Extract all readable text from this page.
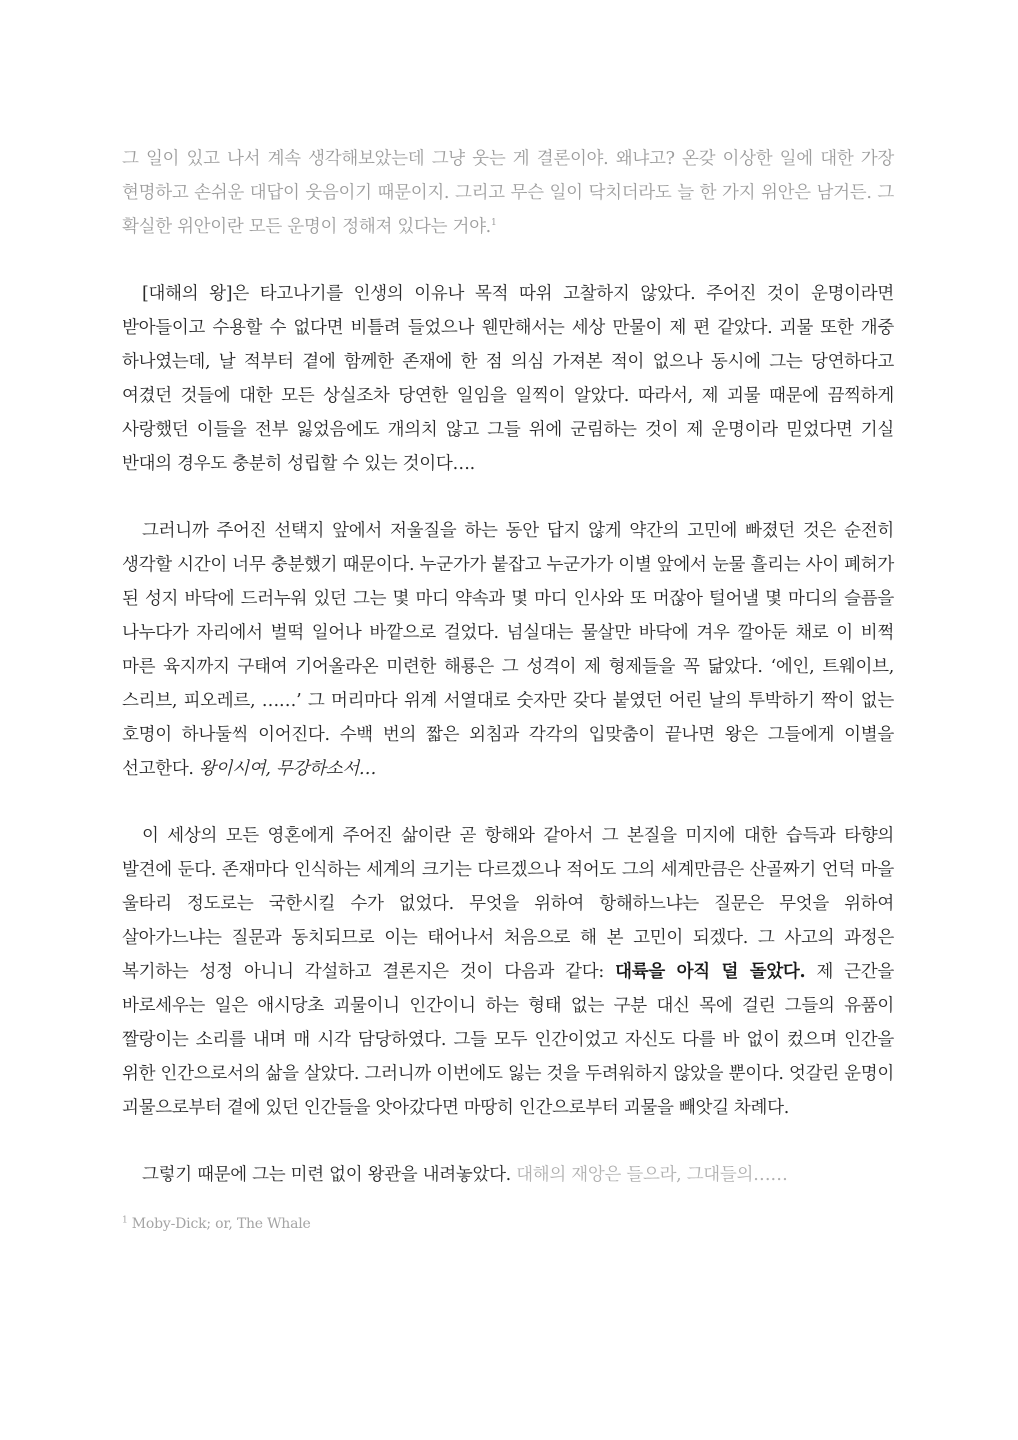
그 일이 있고 나서 계속 생각해보았는데 그냥 웃는 게 결론이야. 왜냐고? 온갖 이상한 일에 대한 가장 현명하고 손쉬운 대답이 웃음이기 때문이지. 그리고 무슨 일이 닥치더라도 늘 한 가지 위안은 남거든. 그 확실한 위안이란 모든 운명이 정해져 있다는 거야.$^1$

[대해의 왕]은 타고나기를 인생의 이유나 목적 따위 고찰하지 않았다. 주어진 것이 운명이라면 받아들이고 수용할 수 없다면 비틀려 들었으나 웬만해서는 세상 만물이 제 편 같았다. 괴물 또한 개중 하나였는데, 날 적부터 곁에 함께한 존재에 한 점 의심 가져본 적이 없으나 동시에 그는 당연하다고 여겼던 것들에 대한 모든 상실조차 당연한 일임을 일찍이 알았다. 따라서, 제 괴물 때문에 끔찍하게 사랑했던 이들을 전부 잃었음에도 개의치 않고 그들 위에 군림하는 것이 제 운명이라 믿었다면 기실 반대의 경우도 충분히 성립할 수 있는 것이다….

그러니까 주어진 선택지 앞에서 저울질을 하는 동안 답지 않게 약간의 고민에 빠졌던 것은 순전히 생각할 시간이 너무 충분했기 때문이다. 누군가가 붙잡고 누군가가 이별 앞에서 눈물 흘리는 사이 폐허가 된 성지 바닥에 드러누워 있던 그는 몇 마디 약속과 몇 마디 인사와 또 머잖아 털어낼 몇 마디의 슬픔을 나누다가 자리에서 벌떡 일어나 바깥으로 걸었다. 넘실대는 물살만 바닥에 겨우 깔아둔 채로 이 비쩍 마른 육지까지 구태여 기어올라온 미련한 해룡은 그 성격이 제 형제들을 꼭 닮았다. ‘에인, 트웨이브, 스리브, 피오레르, ……’ 그 머리마다 위계 서열대로 숫자만 갖다 붙였던 어린 날의 투박하기 짝이 없는 호명이 하나둘씩 이어진다. 수백 번의 짧은 외침과 각각의 입맞춤이 끝나면 왕은 그들에게 이별을 선고한다. 왕이시여, 무강하소서…

이 세상의 모든 영혼에게 주어진 삶이란 곧 항해와 같아서 그 본질을 미지에 대한 습득과 타향의 발견에 둔다. 존재마다 인식하는 세계의 크기는 다르겠으나 적어도 그의 세계만큼은 산골짜기 언덕 마을 울타리 정도로는 국한시킬 수가 없었다. 무엇을 위하여 항해하느냐는 질문은 무엇을 위하여 살아가느냐는 질문과 동치되므로 이는 태어나서 처음으로 해 본 고민이 되겠다. 그 사고의 과정은 복기하는 성정 아니니 각설하고 결론지은 것이 다음과 같다: 대륙을 아직 덜 돌았다. 제 근간을 바로세우는 일은 애시당초 괴물이니 인간이니 하는 형태 없는 구분 대신 목에 걸린 그들의 유품이 짤랑이는 소리를 내며 매 시각 담당하였다. 그들 모두 인간이었고 자신도 다를 바 없이 컸으며 인간을 위한 인간으로서의 삶을 살았다. 그러니까 이번에도 잃는 것을 두려워하지 않았을 뿐이다. 엇갈린 운명이 괴물으로부터 곁에 있던 인간들을 앗아갔다면 마땅히 인간으로부터 괴물을 빼앗길 차례다.

그렇기 때문에 그는 미련 없이 왕관을 내려놓았다. 대해의 재앙은 들으라, 그대들의……

$^1$ Moby-Dick; or, The Whale
